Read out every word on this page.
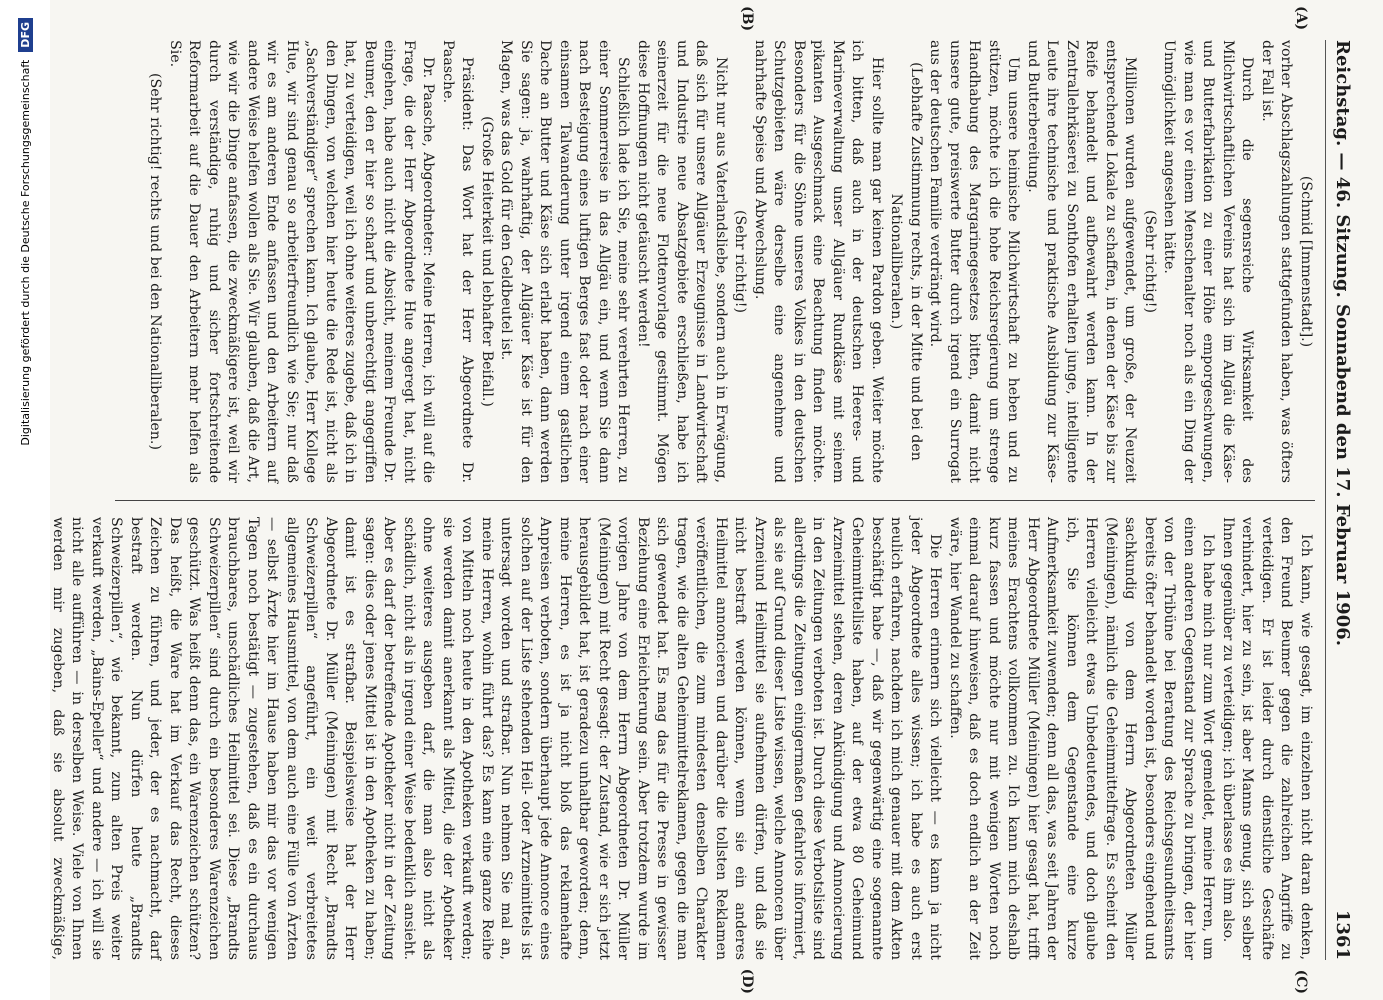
Reichstag. — 46. Sitzung. Sonnabend den 17. Februar 1906.
1361
(A)
(B)
(C)
(D)

(Schmid [Immenstadt].)

vorher Abschlagszahlungen stattgefunden haben, was öfters der Fall ist.

Durch die segensreiche Wirksamkeit des Milchwirtschaftlichen Vereins hat sich im Allgäu die Käse- und Butterfabrikation zu einer Höhe emporgeschwungen, wie man es vor einem Menschenalter noch als ein Ding der Unmöglichkeit angesehen hätte.

(Sehr richtig!)

Millionen wurden aufgewendet, um große, der Neuzeit entsprechende Lokale zu schaffen, in denen der Käse bis zur Reife behandelt und aufbewahrt werden kann. In der Zentrallehrkäserei zu Sonthofen erhalten junge, intelligente Leute ihre technische und praktische Ausbildung zur Käse- und Butterbereitung.

Um unsere heimische Milchwirtschaft zu heben und zu stützen, möchte ich die hohe Reichsregierung um strenge Handhabung des Margarinegesetzes bitten, damit nicht unsere gute, preiswerte Butter durch irgend ein Surrogat aus der deutschen Familie verdrängt wird.

(Lebhafte Zustimmung rechts, in der Mitte und bei den Nationalliberalen.)

Hier sollte man gar keinen Pardon geben. Weiter möchte ich bitten, daß auch in der deutschen Heeres- und Marineverwaltung unser Allgäuer Rundkäse mit seinem pikanten Ausgeschmack eine Beachtung finden möchte. Besonders für die Söhne unseres Volkes in den deutschen Schutzgebieten wäre derselbe eine angenehme und nahrhafte Speise und Abwechslung.

(Sehr richtig!)

Nicht nur aus Vaterlandsliebe, sondern auch in Erwägung, daß sich für unsere Allgäuer Erzeugnisse in Landwirtschaft und Industrie neue Absatzgebiete erschließen, habe ich seinerzeit für die neue Flottenvorlage gestimmt. Mögen diese Hoffnungen nicht getäuscht werden!

Schließlich lade ich Sie, meine sehr verehrten Herren, zu einer Sommerreise in das Allgäu ein, und wenn Sie dann nach Besteigung eines luftigen Berges fast oder nach einer einsamen Talwanderung unter irgend einem gastlichen Dache an Butter und Käse sich erlabt haben, dann werden Sie sagen: ja, wahrhaftig, der Allgäuer Käse ist für den Magen, was das Gold für den Geldbeutel ist.

(Große Heiterkeit und lebhafter Beifall.)

Präsident: Das Wort hat der Herr Abgeordnete Dr. Paasche.

Dr. Paasche, Abgeordneter: Meine Herren, ich will auf die Frage, die der Herr Abgeordnete Hue angeregt hat, nicht eingehen, habe auch nicht die Absicht, meinem Freunde Dr. Beumer, den er hier so scharf und unberechtigt angegriffen hat, zu verteidigen, weil ich ohne weiteres zugebe, daß ich in den Dingen, von welchen hier heute die Rede ist, nicht als „Sachverständiger“ sprechen kann. Ich glaube, Herr Kollege Hue, wir sind genau so arbeiterfreundlich wie Sie; nur daß wir es am anderen Ende anfassen und den Arbeitern auf andere Weise helfen wollen als Sie. Wir glauben, daß die Art, wie wir die Dinge anfassen, die zweckmäßigere ist, weil wir durch verständige, ruhig und sicher fortschreitende Reformarbeit auf die Dauer den Arbeitern mehr helfen als Sie.

(Sehr richtig! rechts und bei den Nationalliberalen.)

Ich kann, wie gesagt, im einzelnen nicht daran denken, den Freund Beumer gegen die zahlreichen Angriffe zu verteidigen. Er ist leider durch dienstliche Geschäfte verhindert, hier zu sein, ist aber Manns genug, sich selber Ihnen gegenüber zu verteidigen; ich überlasse es ihm also.

Ich habe mich nur zum Wort gemeldet, meine Herren, um einen anderen Gegenstand zur Sprache zu bringen, der hier von der Tribüne bei Beratung des Reichsgesundheitsamts bereits öfter behandelt worden ist, besonders eingehend und sachkundig von dem Herrn Abgeordneten Müller (Meiningen), nämlich die Geheimmittelfrage. Es scheint den Herren vielleicht etwas Unbedeutendes, und doch glaube ich, Sie können dem Gegenstande eine kurze Aufmerksamkeit zuwenden; denn all das, was seit Jahren der Herr Abgeordnete Müller (Meiningen) hier gesagt hat, trifft meines Erachtens vollkommen zu. Ich kann mich deshalb kurz fassen und möchte nur mit wenigen Worten noch einmal darauf hinweisen, daß es doch endlich an der Zeit wäre, hier Wandel zu schaffen.

Die Herren erinnern sich vielleicht — es kann ja nicht jeder Abgeordnete alles wissen; ich habe es auch erst neulich erfahren, nachdem ich mich genauer mit dem Akten beschäftigt habe —, daß wir gegenwärtig eine sogenannte Geheimmittelliste haben, auf der etwa 80 Geheimund Arzneimittel stehen, deren Ankündigung und Annoncierung in den Zeitungen verboten ist. Durch diese Verbotsliste sind allerdings die Zeitungen einigermaßen gefahrlos informiert, als sie auf Grund dieser Liste wissen, welche Annoncen über Arzneiund Heilmittel sie aufnehmen dürfen, und daß sie nicht bestraft werden können, wenn sie ein anderes Heilmittel annoncieren und darüber die tollsten Reklamen veröffentlichen, die zum mindesten denselben Charakter tragen, wie die alten Geheimmittelreklamen, gegen die man sich gewendet hat. Es mag das für die Presse in gewisser Beziehung eine Erleichterung sein. Aber trotzdem wurde im vorigen Jahre von dem Herrn Abgeordneten Dr. Müller (Meiningen) mit Recht gesagt: der Zustand, wie er sich jetzt herausgebildet hat, ist geradezu unhaltbar geworden; denn, meine Herren, es ist ja nicht bloß das reklamehafte Anpreisen verboten, sondern überhaupt jede Annonce eines solchen auf der Liste stehenden Heil- oder Arzneimittels ist untersagt worden und strafbar. Nun nehmen Sie mal an, meine Herren, wohin führt das? Es kann eine ganze Reihe von Mitteln noch heute in den Apotheken verkauft werden; sie werden damit anerkannt als Mittel, die der Apotheker ohne weiteres ausgeben darf, die man also nicht als schädlich, nicht als in irgend einer Weise bedenklich ansieht. Aber es darf der betreffende Apotheker nicht in der Zeitung sagen: dies oder jenes Mittel ist in den Apotheken zu haben; damit ist es strafbar. Beispielsweise hat der Herr Abgeordnete Dr. Müller (Meiningen) mit Recht „Brandts Schweizerpillen“ angeführt, ein weit verbreitetes allgemeines Hausmittel, von dem auch eine Fülle von Ärzten — selbst Ärzte hier im Hause haben mir das vor wenigen Tagen noch bestätigt — zugestehen, daß es ein durchaus brauchbares, unschädliches Heilmittel sei. Diese „Brandts Schweizerpillen“ sind durch ein besonderes Warenzeichen geschützt. Was heißt denn das, ein Warenzeichen schützen? Das heißt, die Ware hat im Verkauf das Recht, dieses Zeichen zu führen, und jeder, der es nachmacht, darf bestraft werden. Nun dürfen heute „Brandts Schweizerpillen“, wie bekannt, zum alten Preis weiter verkauft werden, „Bains-Epeller“ und andere — ich will sie nicht alle aufführen — in derselben Weise. Viele von Ihnen werden mir zugeben, daß sie absolut zweckmäßige,

Digitalisierung gefördert durch die Deutsche Forschungsgemeinschaft
DFG
